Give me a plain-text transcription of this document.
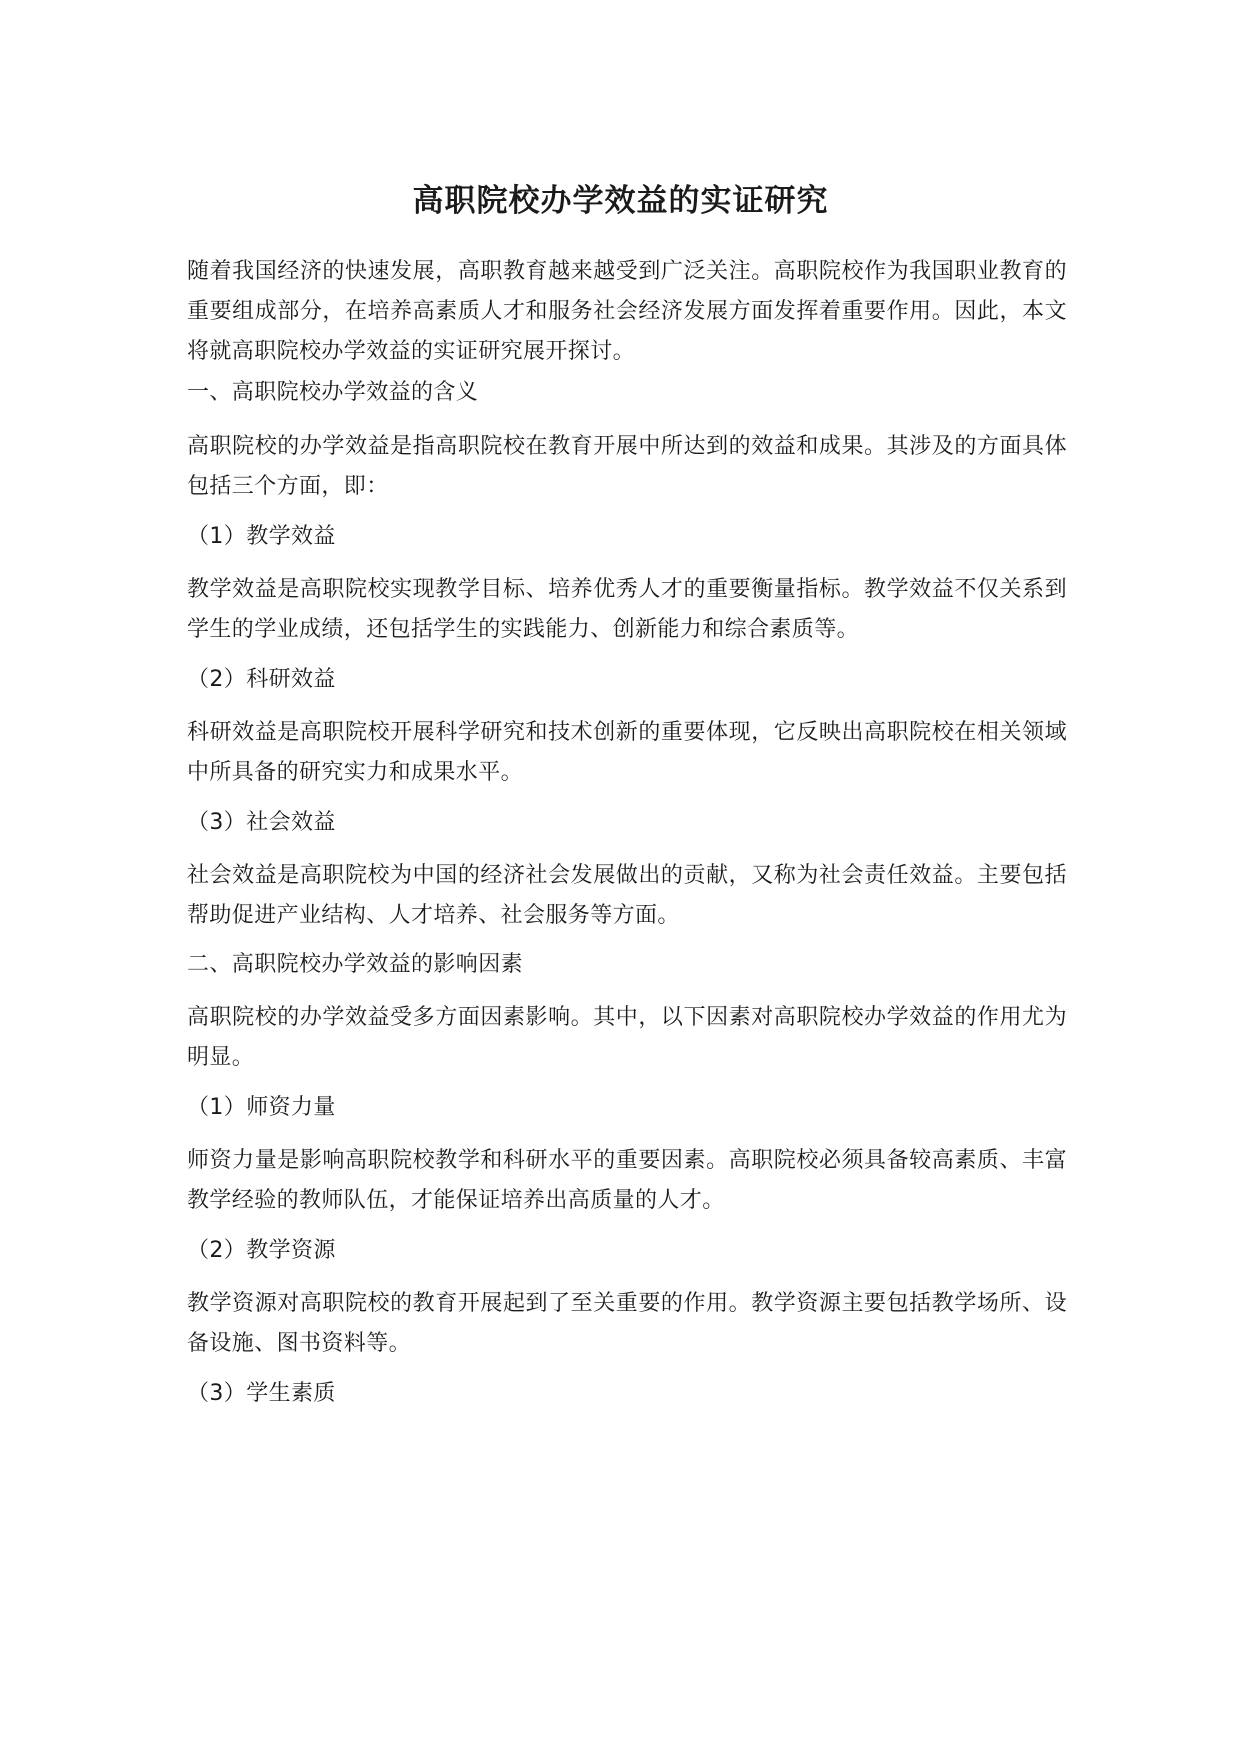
高职院校办学效益的实证研究

随着我国经济的快速发展，高职教育越来越受到广泛关注。高职院校作为我国职业教育的重要组成部分，在培养高素质人才和服务社会经济发展方面发挥着重要作用。因此，本文将就高职院校办学效益的实证研究展开探讨。

一、高职院校办学效益的含义

高职院校的办学效益是指高职院校在教育开展中所达到的效益和成果。其涉及的方面具体包括三个方面，即：

（1）教学效益

教学效益是高职院校实现教学目标、培养优秀人才的重要衡量指标。教学效益不仅关系到学生的学业成绩，还包括学生的实践能力、创新能力和综合素质等。

（2）科研效益

科研效益是高职院校开展科学研究和技术创新的重要体现，它反映出高职院校在相关领域中所具备的研究实力和成果水平。

（3）社会效益

社会效益是高职院校为中国的经济社会发展做出的贡献，又称为社会责任效益。主要包括帮助促进产业结构、人才培养、社会服务等方面。

二、高职院校办学效益的影响因素

高职院校的办学效益受多方面因素影响。其中，以下因素对高职院校办学效益的作用尤为明显。

（1）师资力量

师资力量是影响高职院校教学和科研水平的重要因素。高职院校必须具备较高素质、丰富教学经验的教师队伍，才能保证培养出高质量的人才。

（2）教学资源

教学资源对高职院校的教育开展起到了至关重要的作用。教学资源主要包括教学场所、设备设施、图书资料等。

（3）学生素质
